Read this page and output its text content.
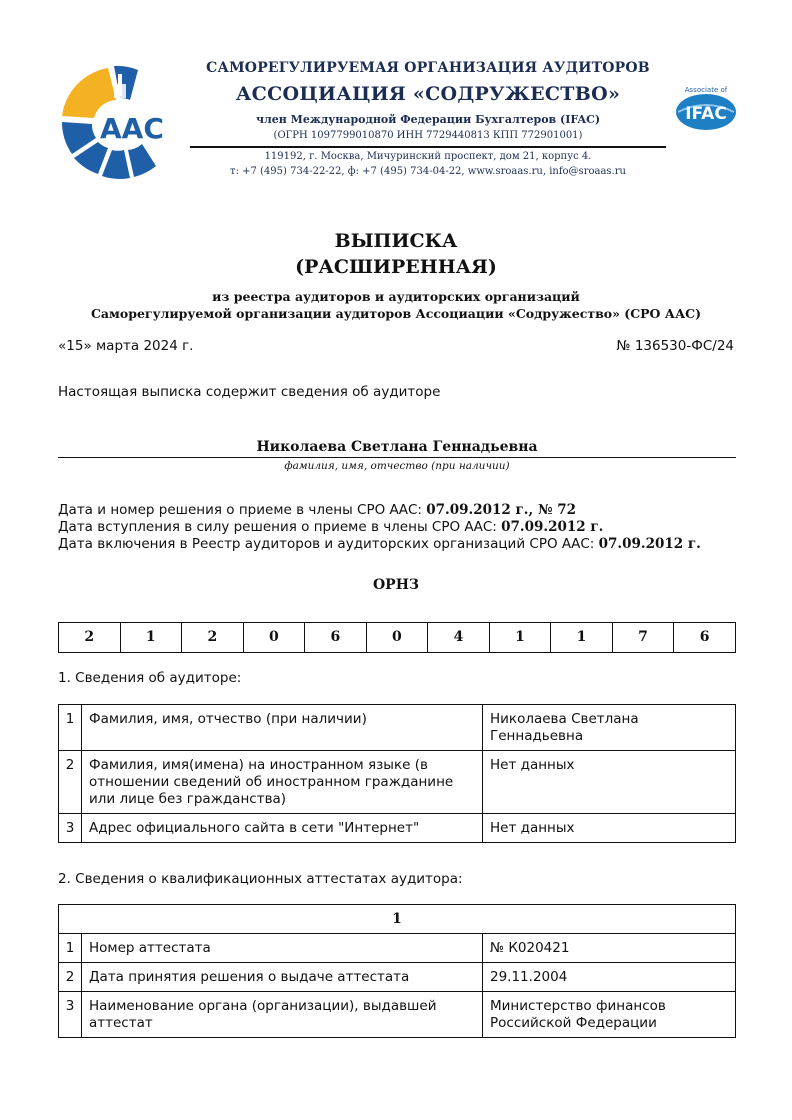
AAC
САМОРЕГУЛИРУЕМАЯ ОРГАНИЗАЦИЯ АУДИТОРОВ
АССОЦИАЦИЯ «СОДРУЖЕСТВО»
член Международной Федерации Бухгалтеров (IFAC)
(ОГРН 1097799010870 ИНН 7729440813 КПП 772901001)
119192, г. Москва, Мичуринский проспект, дом 21, корпус 4.
т: +7 (495) 734-22-22, ф: +7 (495) 734-04-22, www.sroaas.ru, info@sroaas.ru
Associate of
IFAC
ВЫПИСКА
(РАСШИРЕННАЯ)
из реестра аудиторов и аудиторских организаций
Саморегулируемой организации аудиторов Ассоциации «Содружество» (СРО ААС)
«15» марта 2024 г.	№ 136530-ФС/24
Настоящая выписка содержит сведения об аудиторе
Николаева Светлана Геннадьевна
фамилия, имя, отчество (при наличии)
Дата и номер решения о приеме в члены СРО ААС: 07.09.2012 г., № 72
Дата вступления в силу решения о приеме в члены СРО ААС: 07.09.2012 г.
Дата включения в Реестр аудиторов и аудиторских организаций СРО ААС: 07.09.2012 г.
ОРНЗ
2	1	2	0	6	0	4	1	1	7	6
1. Сведения об аудиторе:
1	Фамилия, имя, отчество (при наличии)	Николаева Светлана Геннадьевна
2	Фамилия, имя(имена) на иностранном языке (в отношении сведений об иностранном гражданине или лице без гражданства)	Нет данных
3	Адрес официального сайта в сети "Интернет"	Нет данных
2. Сведения о квалификационных аттестатах аудитора:
1		
1	Номер аттестата	№ К020421
2	Дата принятия решения о выдаче аттестата	29.11.2004
3	Наименование органа (организации), выдавшей аттестат	Министерство финансов Российской Федерации
